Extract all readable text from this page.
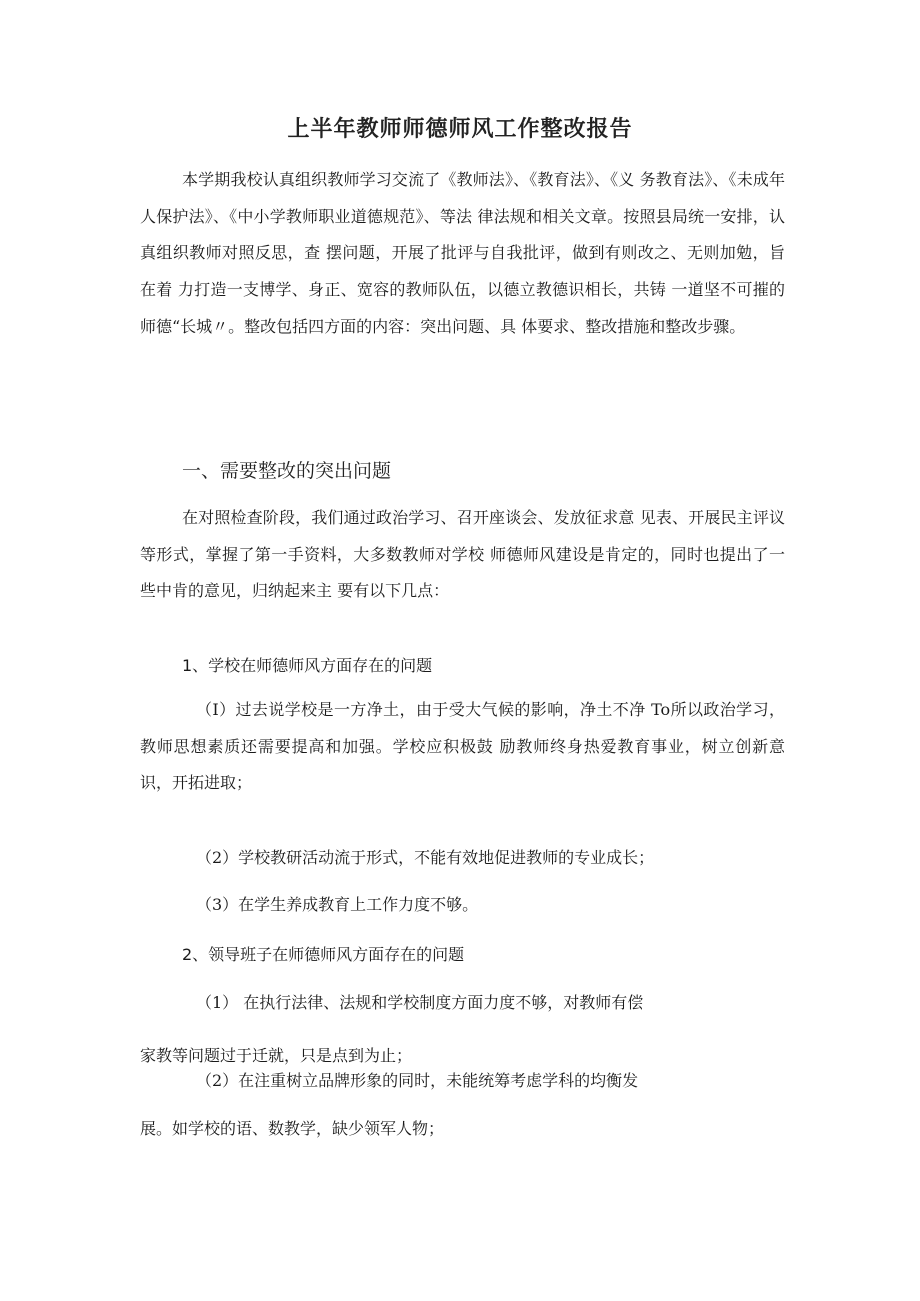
上半年教师师德师风工作整改报告

本学期我校认真组织教师学习交流了《教师法》、《教育法》、《义 务教育法》、《未成年人保护法》、《中小学教师职业道德规范》、等法 律法规和相关文章。按照县局统一安排，认真组织教师对照反思，查 摆问题，开展了批评与自我批评，做到有则改之、无则加勉，旨在着 力打造一支博学、身正、宽容的教师队伍，以德立教德识相长，共铸 一道坚不可摧的师德“长城〃。整改包括四方面的内容：突出问题、具 体要求、整改措施和整改步骤。

一、需要整改的突出问题

在对照检查阶段，我们通过政治学习、召开座谈会、发放征求意 见表、开展民主评议等形式，掌握了第一手资料，大多数教师对学校 师德师风建设是肯定的，同时也提出了一些中肯的意见，归纳起来主 要有以下几点：

1、学校在师德师风方面存在的问题

（I）过去说学校是一方净土，由于受大气候的影响，净土不净 To所以政治学习，教师思想素质还需要提高和加强。学校应积极鼓 励教师终身热爱教育事业，树立创新意识，开拓进取；

（2）学校教研活动流于形式，不能有效地促进教师的专业成长；
（3）在学生养成教育上工作力度不够。
2、领导班子在师德师风方面存在的问题
（1） 在执行法律、法规和学校制度方面力度不够，对教师有偿
家教等问题过于迁就，只是点到为止；
（2）在注重树立品牌形象的同时，未能统筹考虑学科的均衡发
展。如学校的语、数教学，缺少领军人物；
